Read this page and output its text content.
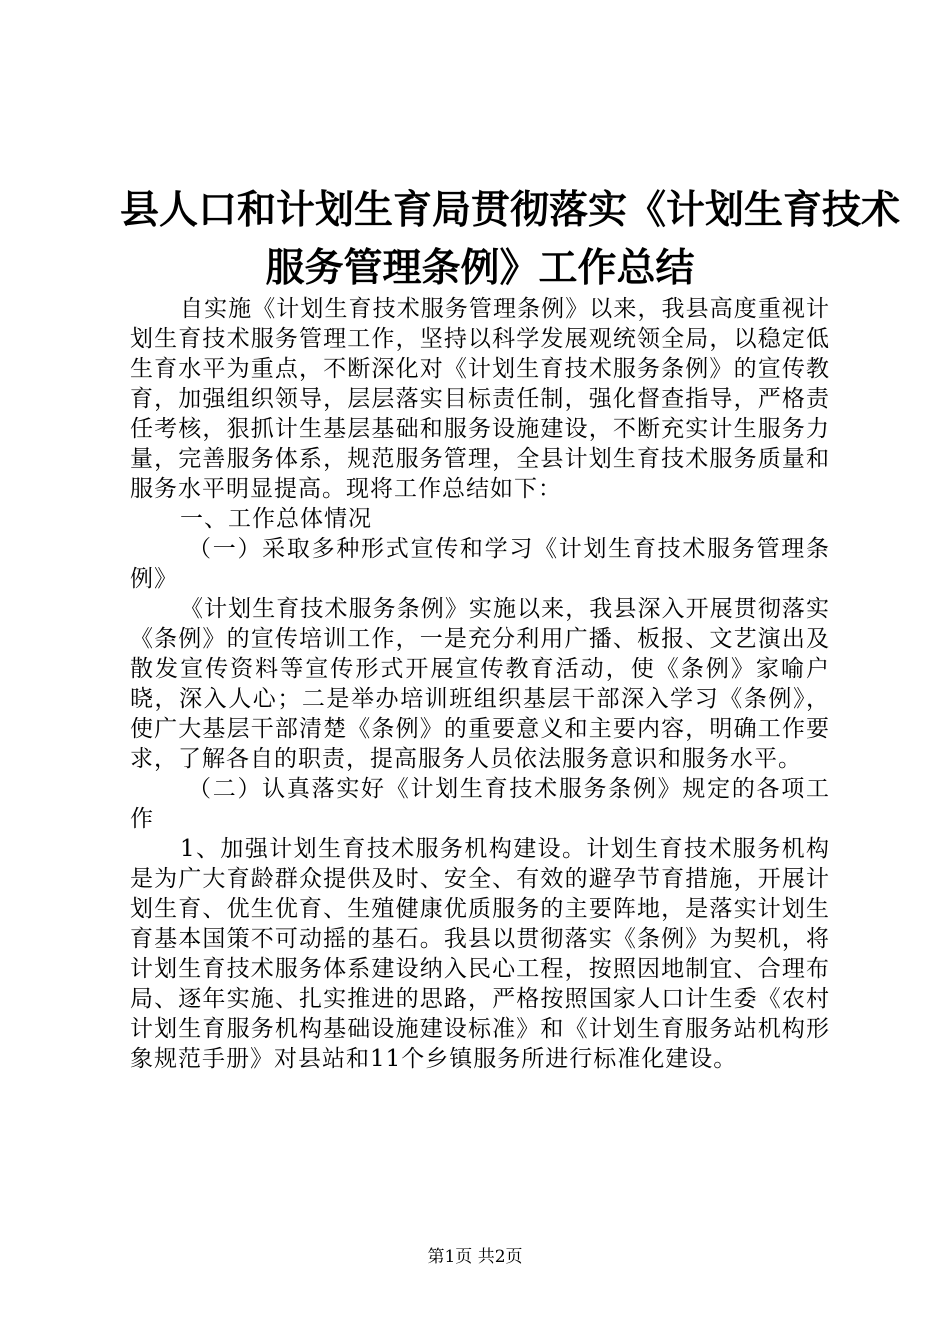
县人口和计划生育局贯彻落实《计划生育技术
服务管理条例》工作总结

自实施《计划生育技术服务管理条例》以来，我县高度重视计划生育技术服务管理工作，坚持以科学发展观统领全局，以稳定低生育水平为重点，不断深化对《计划生育技术服务条例》的宣传教育，加强组织领导，层层落实目标责任制，强化督查指导，严格责任考核，狠抓计生基层基础和服务设施建设，不断充实计生服务力量，完善服务体系，规范服务管理，全县计划生育技术服务质量和服务水平明显提高。现将工作总结如下：

一、工作总体情况

（一）采取多种形式宣传和学习《计划生育技术服务管理条例》

《计划生育技术服务条例》实施以来，我县深入开展贯彻落实《条例》的宣传培训工作，一是充分利用广播、板报、文艺演出及散发宣传资料等宣传形式开展宣传教育活动，使《条例》家喻户晓，深入人心；二是举办培训班组织基层干部深入学习《条例》，使广大基层干部清楚《条例》的重要意义和主要内容，明确工作要求，了解各自的职责，提高服务人员依法服务意识和服务水平。

（二）认真落实好《计划生育技术服务条例》规定的各项工作

1、加强计划生育技术服务机构建设。计划生育技术服务机构是为广大育龄群众提供及时、安全、有效的避孕节育措施，开展计划生育、优生优育、生殖健康优质服务的主要阵地，是落实计划生育基本国策不可动摇的基石。我县以贯彻落实《条例》为契机，将计划生育技术服务体系建设纳入民心工程，按照因地制宜、合理布局、逐年实施、扎实推进的思路，严格按照国家人口计生委《农村计划生育服务机构基础设施建设标准》和《计划生育服务站机构形象规范手册》对县站和11个乡镇服务所进行标准化建设。

第1页 共2页
